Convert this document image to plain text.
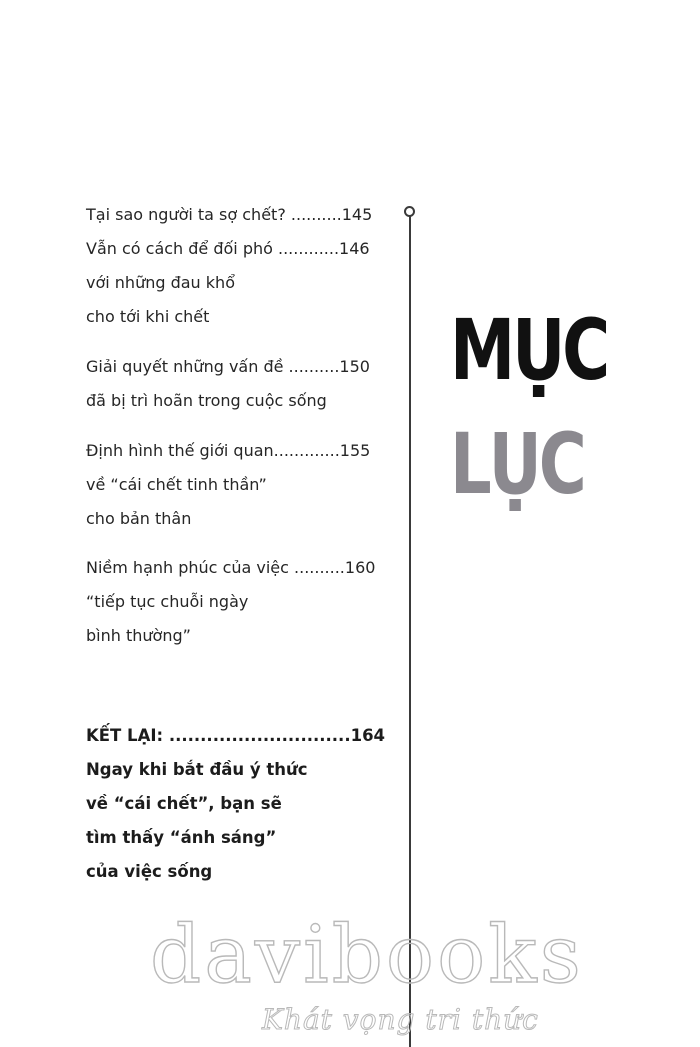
Tại sao người ta sợ chết? ..........145
Vẫn có cách để đối phó ............146
với những đau khổ
cho tới khi chết
Giải quyết những vấn đề ..........150
đã bị trì hoãn trong cuộc sống
Định hình thế giới quan.............155
về “cái chết tinh thần”
cho bản thân
Niềm hạnh phúc của việc ..........160
“tiếp tục chuỗi ngày
bình thường”
KẾT LẠI: .............................164
Ngay khi bắt đầu ý thức
về “cái chết”, bạn sẽ
tìm thấy “ánh sáng”
của việc sống
MỤC
LỤC
davibooks
Khát vọng tri thức
